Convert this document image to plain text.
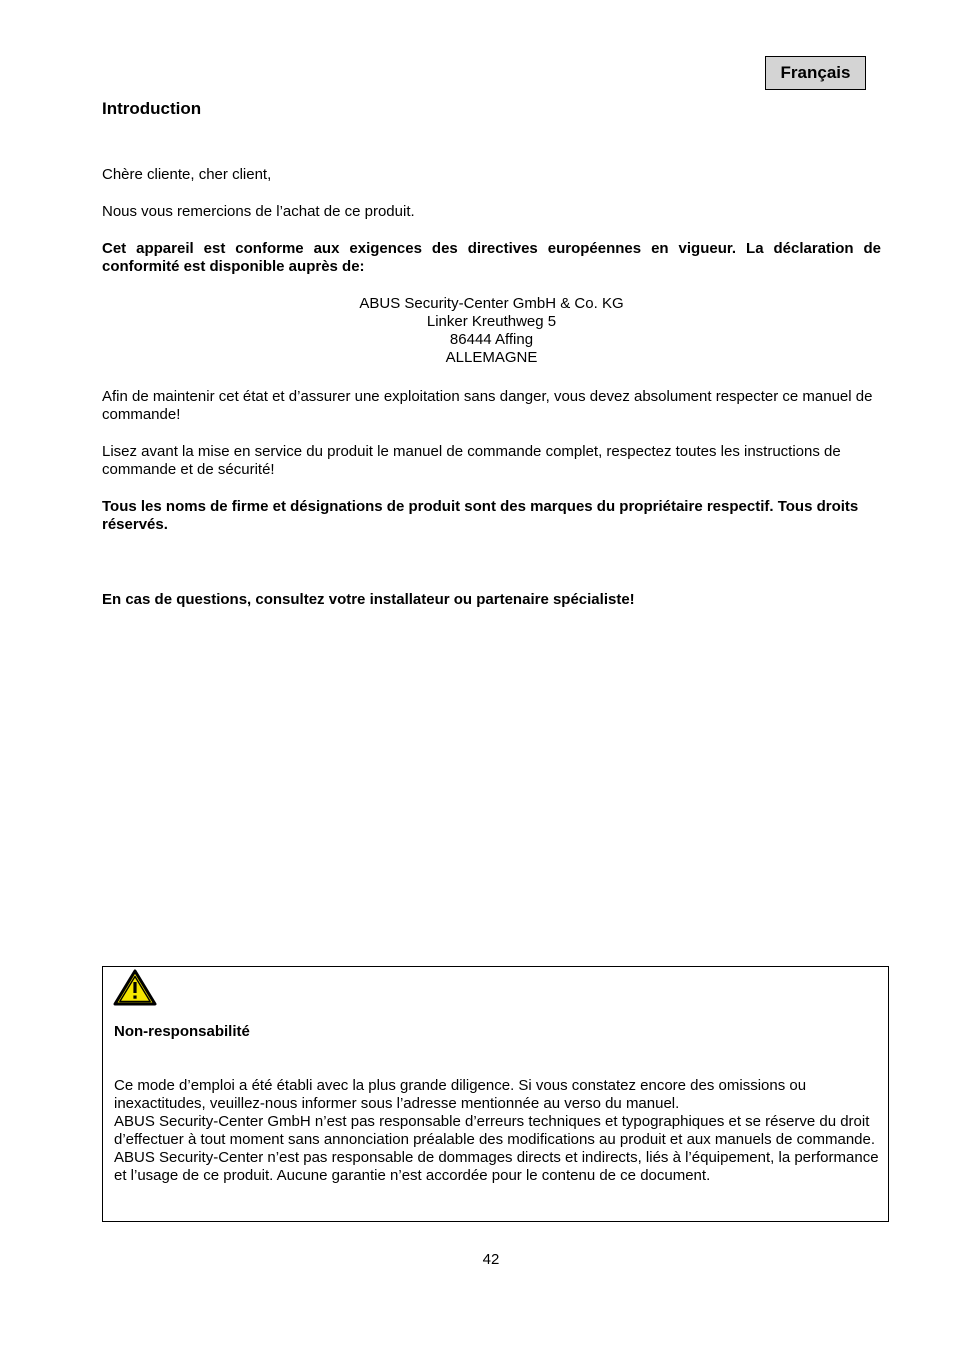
Français
Introduction
Chère cliente, cher client,
Nous vous remercions de l’achat de ce produit.
Cet appareil est conforme aux exigences des directives européennes en vigueur. La déclaration de conformité est disponible auprès de:
ABUS Security-Center GmbH & Co. KG
Linker Kreuthweg 5
86444 Affing
ALLEMAGNE
Afin de maintenir cet état et d’assurer une exploitation sans danger, vous devez absolument respecter ce manuel de commande!
Lisez avant la mise en service du produit le manuel de commande complet, respectez toutes les instructions de commande et de sécurité!
Tous les noms de firme et désignations de produit sont des marques du propriétaire respectif. Tous droits réservés.
En cas de questions, consultez votre installateur ou partenaire spécialiste!
Non-responsabilité
Ce mode d’emploi a été établi avec la plus grande diligence. Si vous constatez encore des omissions ou inexactitudes, veuillez-nous informer sous l’adresse mentionnée au verso du manuel.
ABUS Security-Center GmbH n’est pas responsable d’erreurs techniques et typographiques et se réserve du droit d’effectuer à tout moment sans annonciation préalable des modifications au produit et aux manuels de commande.
ABUS Security-Center n’est pas responsable de dommages directs et indirects, liés à l’équipement, la performance et l’usage de ce produit. Aucune garantie n’est accordée pour le contenu de ce document.
42
